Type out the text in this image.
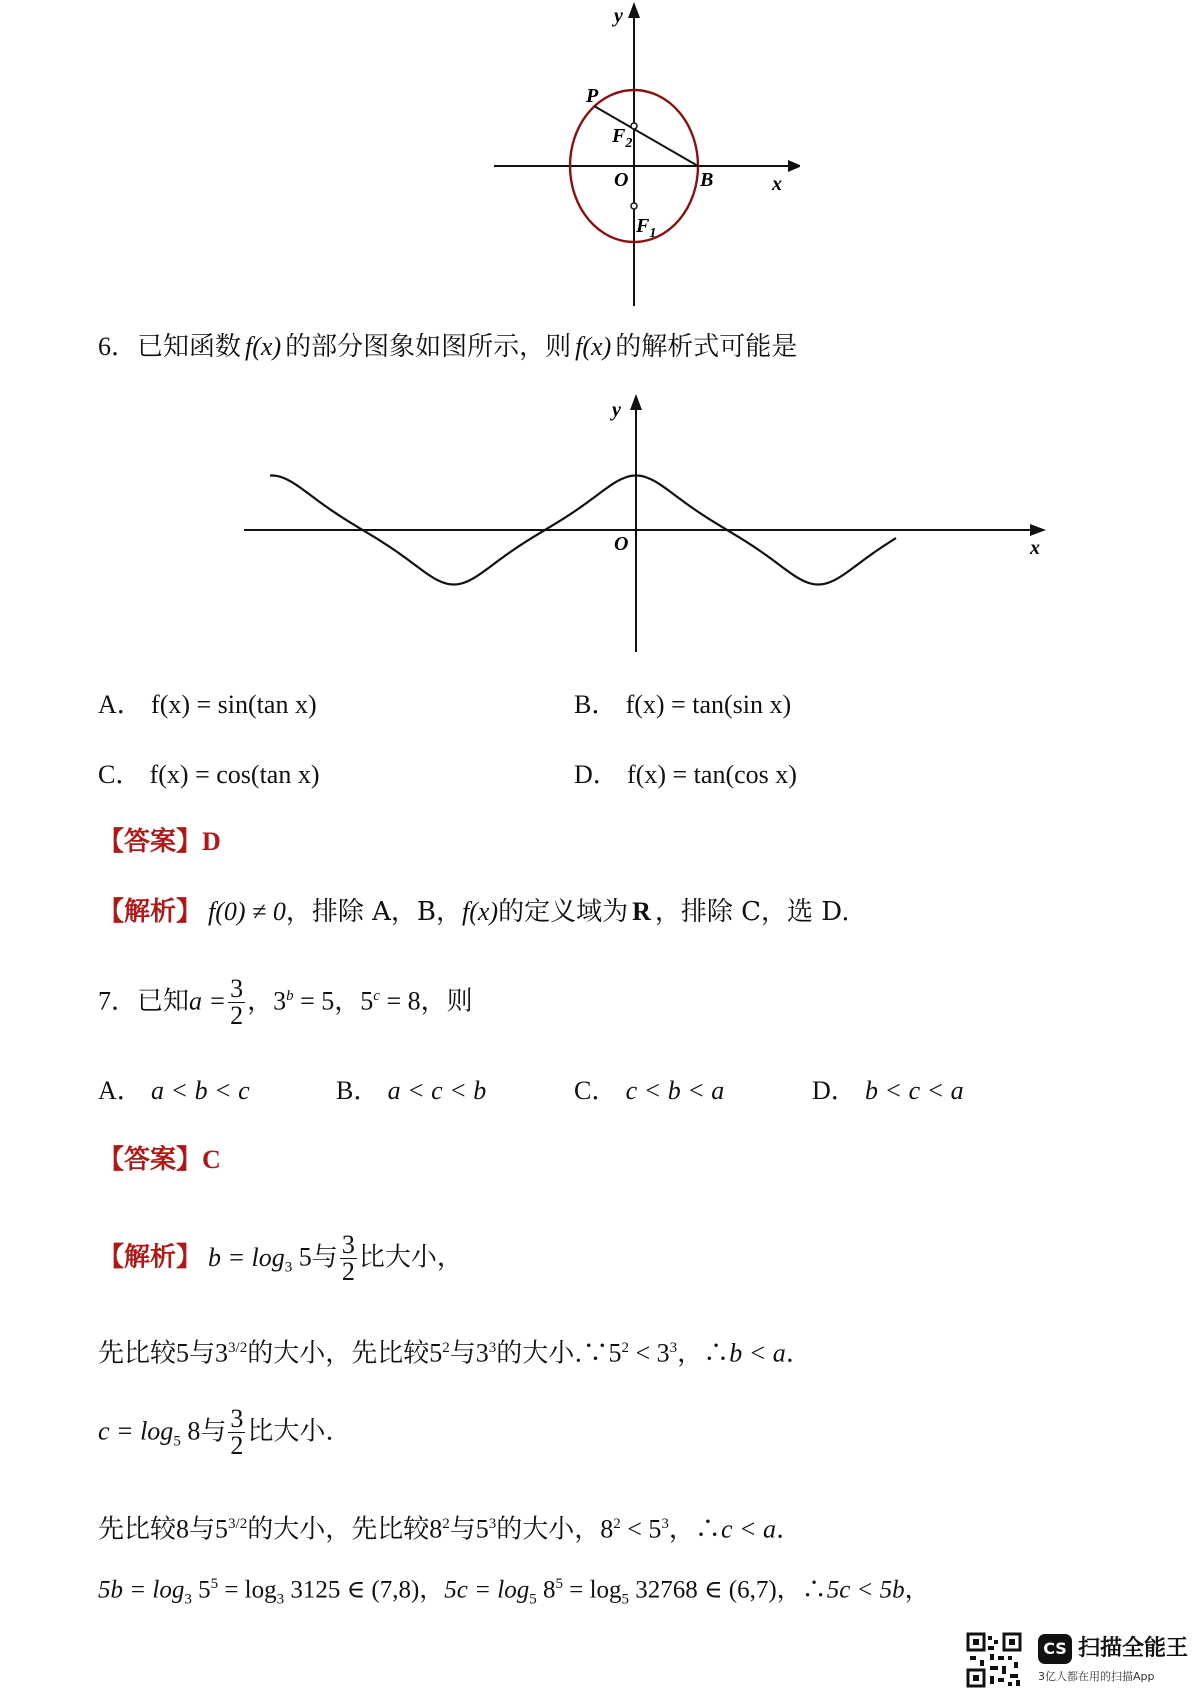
y
x
P
$F_2$
O	B
$F_1$
6．已知函数 f(x) 的部分图象如图所示，则 f(x) 的解析式可能是
y
x
O
A． f(x) = sin(tan x)	B． f(x) = tan(sin x)
C． f(x) = cos(tan x)	D． f(x) = tan(cos x)
【答案】D
【解析】 f(0) ≠ 0，排除 A，B，f(x)的定义域为 R ，排除 C，选 D.
7．已知$a = \frac{3}{2}$ ，$3^b = 5$，$5^c = 8$，则
A． a < b < c	B． a < c < b	C． c < b < a	D． b < c < a
【答案】C
【解析】 $b = \log_3 5$与 $\frac{3}{2}$ 比大小，
先比较5与$3^{3/2}$的大小，先比较$5^2$与$3^3$的大小$.\because 5^2 < 3^3$，∴b < a.
$c = \log_5 8$与 $\frac{3}{2}$ 比大小.
先比较8与$5^{3/2}$的大小，先比较$8^2$与$5^3$的大小，$8^2 < 5^3$，∴c < a.
$5b = \log_3 5^5 = \log_3 3125$ ∈ (7,8)，$5c = \log_5 8^5 = \log_5 32768$ ∈ (6,7)，∴5c < 5b，
CS 扫描全能王
3亿人都在用的扫描App
